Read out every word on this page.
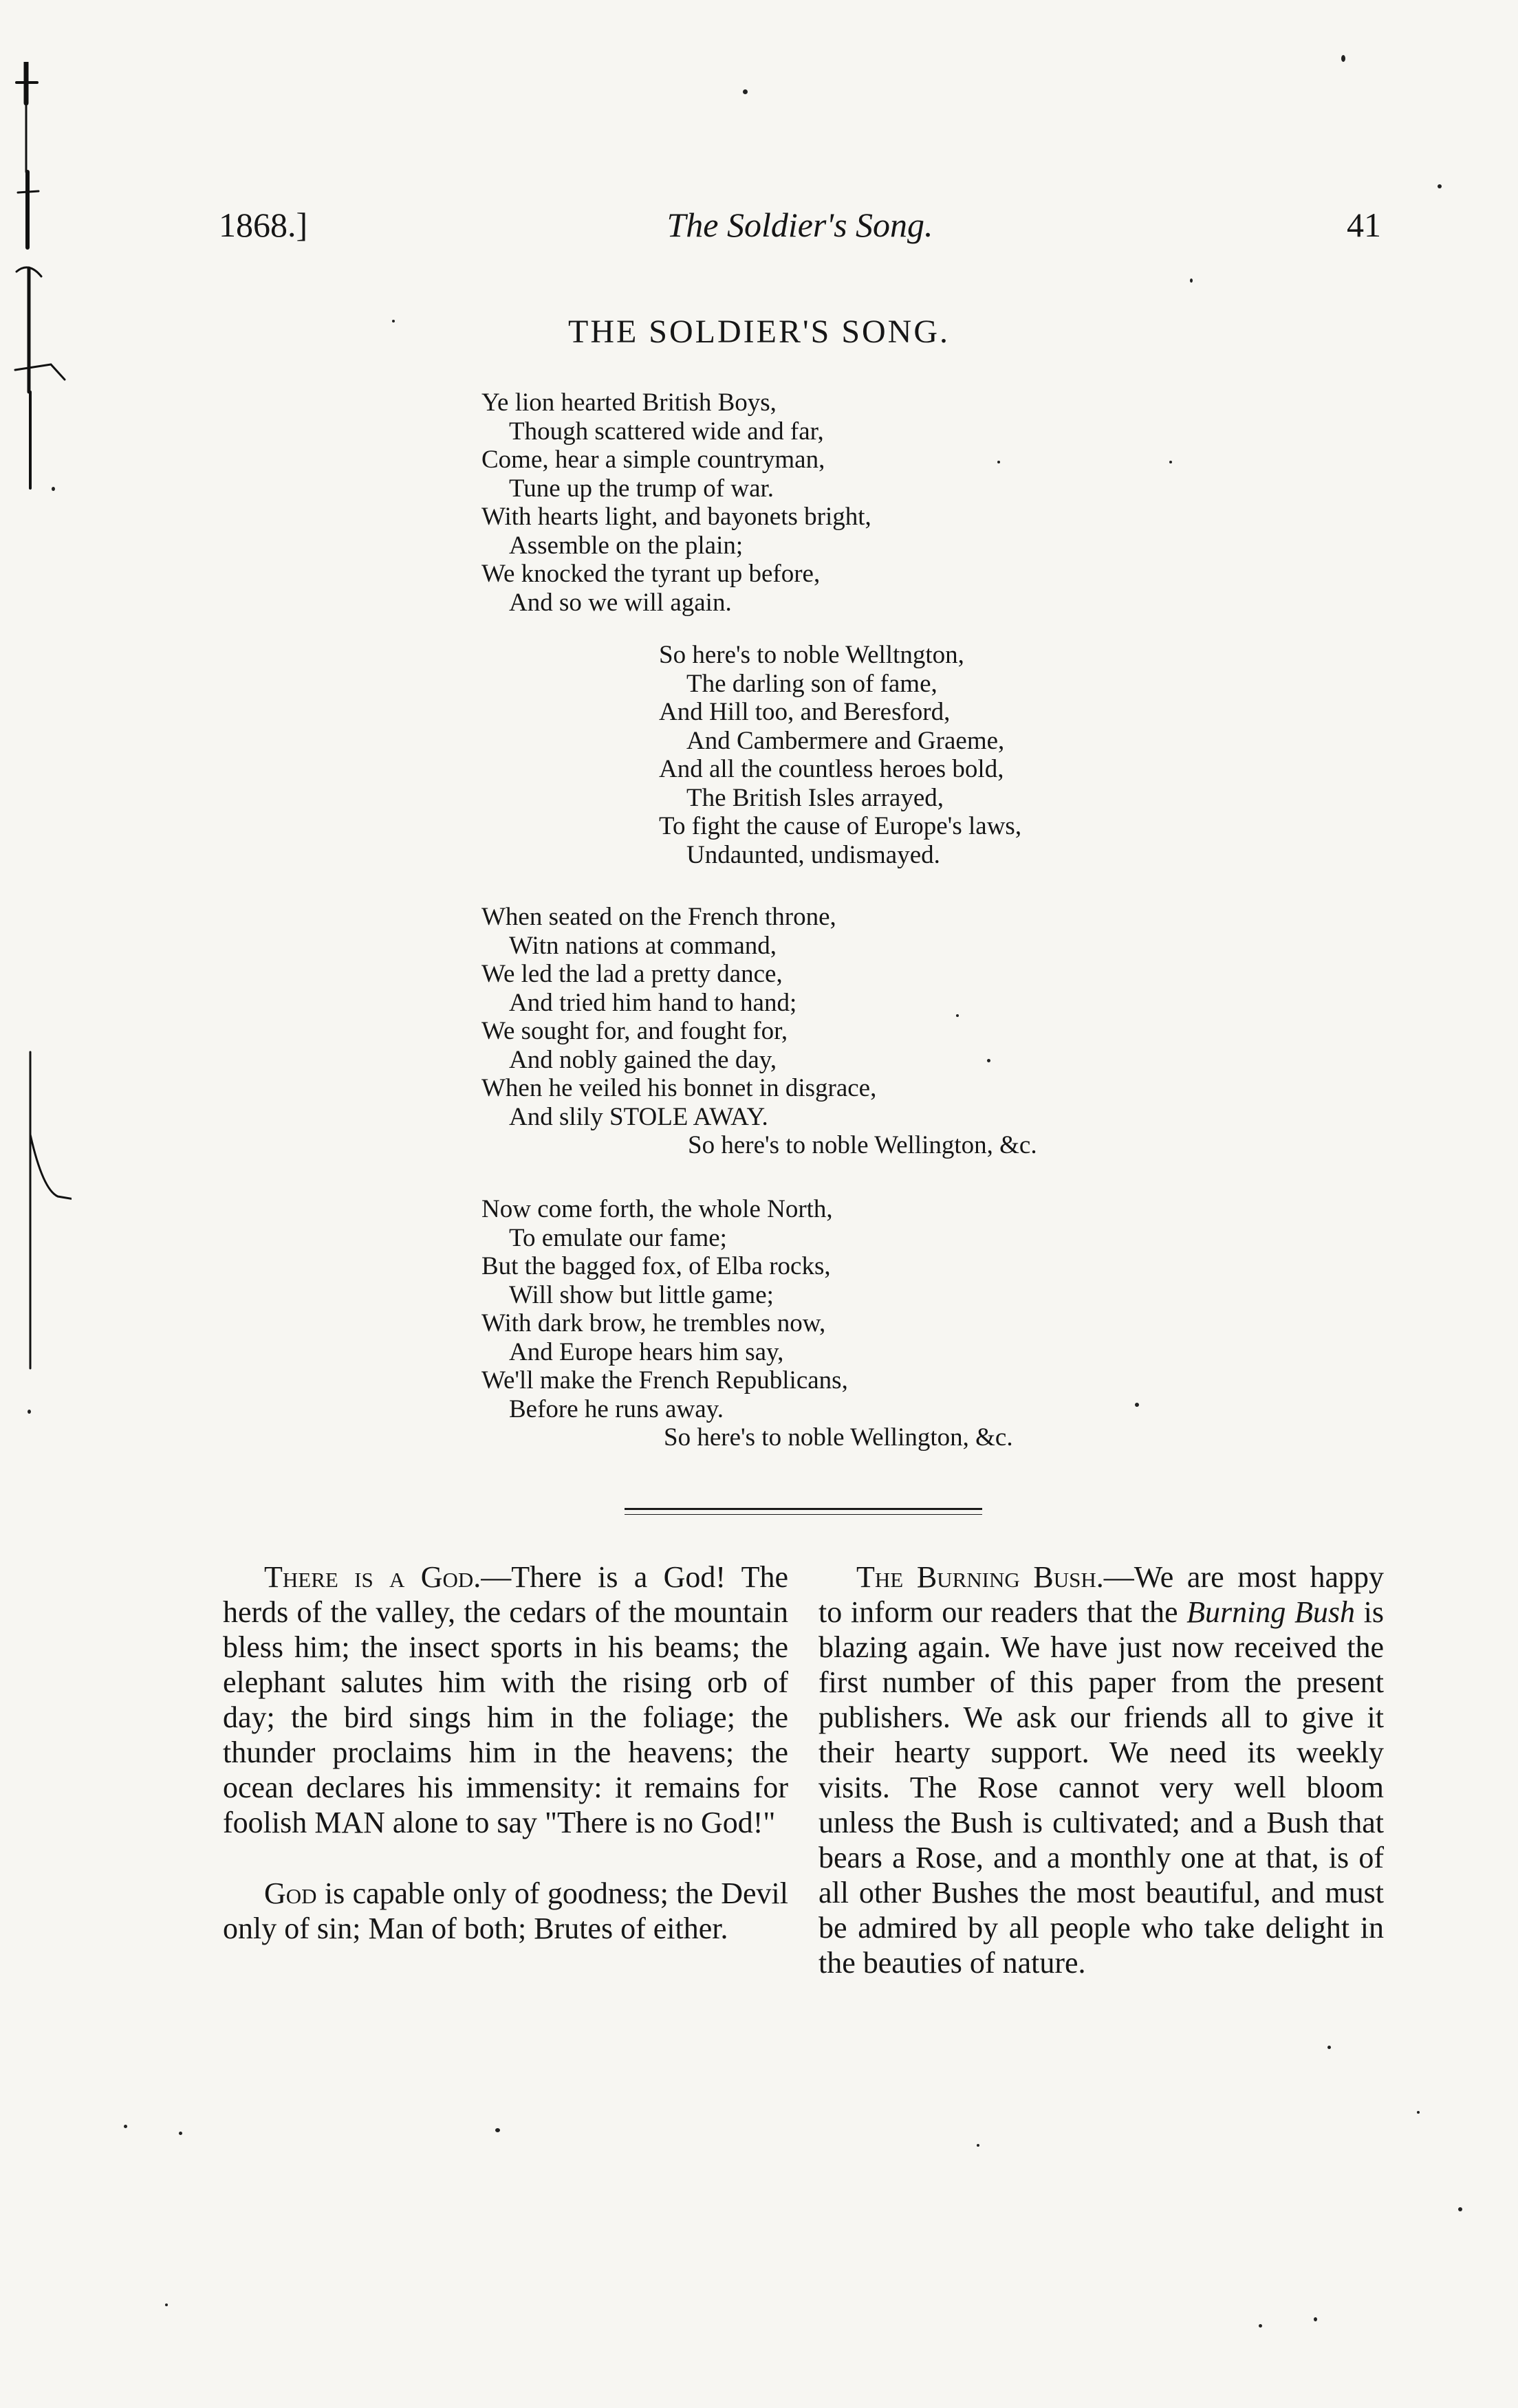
1868.]	The Soldier's Song.	41
THE SOLDIER'S SONG.
Ye lion hearted British Boys,
Though scattered wide and far,
Come, hear a simple countryman,
Tune up the trump of war.
With hearts light, and bayonets bright,
Assemble on the plain;
We knocked the tyrant up before,
And so we will again.
So here's to noble Welltngton,
The darling son of fame,
And Hill too, and Beresford,
And Cambermere and Graeme,
And all the countless heroes bold,
The British Isles arrayed,
To fight the cause of Europe's laws,
Undaunted, undismayed.
When seated on the French throne,
Witn nations at command,
We led the lad a pretty dance,
And tried him hand to hand;
We sought for, and fought for,
And nobly gained the day,
When he veiled his bonnet in disgrace,
And slily STOLE AWAY.
So here's to noble Wellington, &c.
Now come forth, the whole North,
To emulate our fame;
But the bagged fox, of Elba rocks,
Will show but little game;
With dark brow, he trembles now,
And Europe hears him say,
We'll make the French Republicans,
Before he runs away.
So here's to noble Wellington, &c.

There is a God.—There is a God! The herds of the valley, the cedars of the mountain bless him; the insect sports in his beams; the elephant salutes him with the rising orb of day; the bird sings him in the foliage; the thunder proclaims him in the heavens; the ocean declares his immensity: it remains for foolish MAN alone to say "There is no God!"

God is capable only of goodness; the Devil only of sin; Man of both; Brutes of either.

The Burning Bush.—We are most happy to inform our readers that the Burning Bush is blazing again. We have just now received the first number of this paper from the present publishers. We ask our friends all to give it their hearty support. We need its weekly visits. The Rose cannot very well bloom unless the Bush is cultivated; and a Bush that bears a Rose, and a monthly one at that, is of all other Bushes the most beautiful, and must be admired by all people who take delight in the beauties of nature.
